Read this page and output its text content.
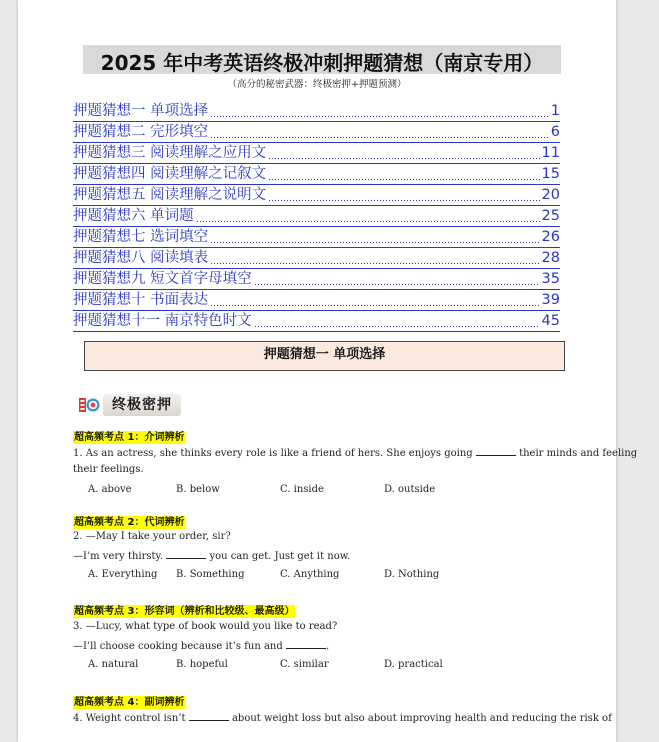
2025 年中考英语终极冲刺押题猜想（南京专用）
（高分的秘密武器：终极密押+押题预测）
押题猜想一 单项选择	1
押题猜想二 完形填空	6
押题猜想三 阅读理解之应用文	11
押题猜想四 阅读理解之记叙文	15
押题猜想五 阅读理解之说明文	20
押题猜想六 单词题	25
押题猜想七 选词填空	26
押题猜想八 阅读填表	28
押题猜想九 短文首字母填空	35
押题猜想十 书面表达	39
押题猜想十一 南京特色时文	45
押题猜想一 单项选择
终极密押
超高频考点 1：介词辨析
1. As an actress, she thinks every role is like a friend of hers. She enjoys going	their minds and feeling
their feelings.
A. above	B. below	C. inside	D. outside
超高频考点 2：代词辨析
2. —May I take your order, sir?
—I’m very thirsty.	you can get. Just get it now.
A. Everything B. Something	C. Anything	D. Nothing
超高频考点 3：形容词（辨析和比较级、最高级）
3. —Lucy, what type of book would you like to read?
—I’ll choose cooking because it’s fun and	.
A. natural	B. hopeful	C. similar	D. practical
超高频考点 4：副词辨析
4. Weight control isn’t	about weight loss but also about improving health and reducing the risk of
